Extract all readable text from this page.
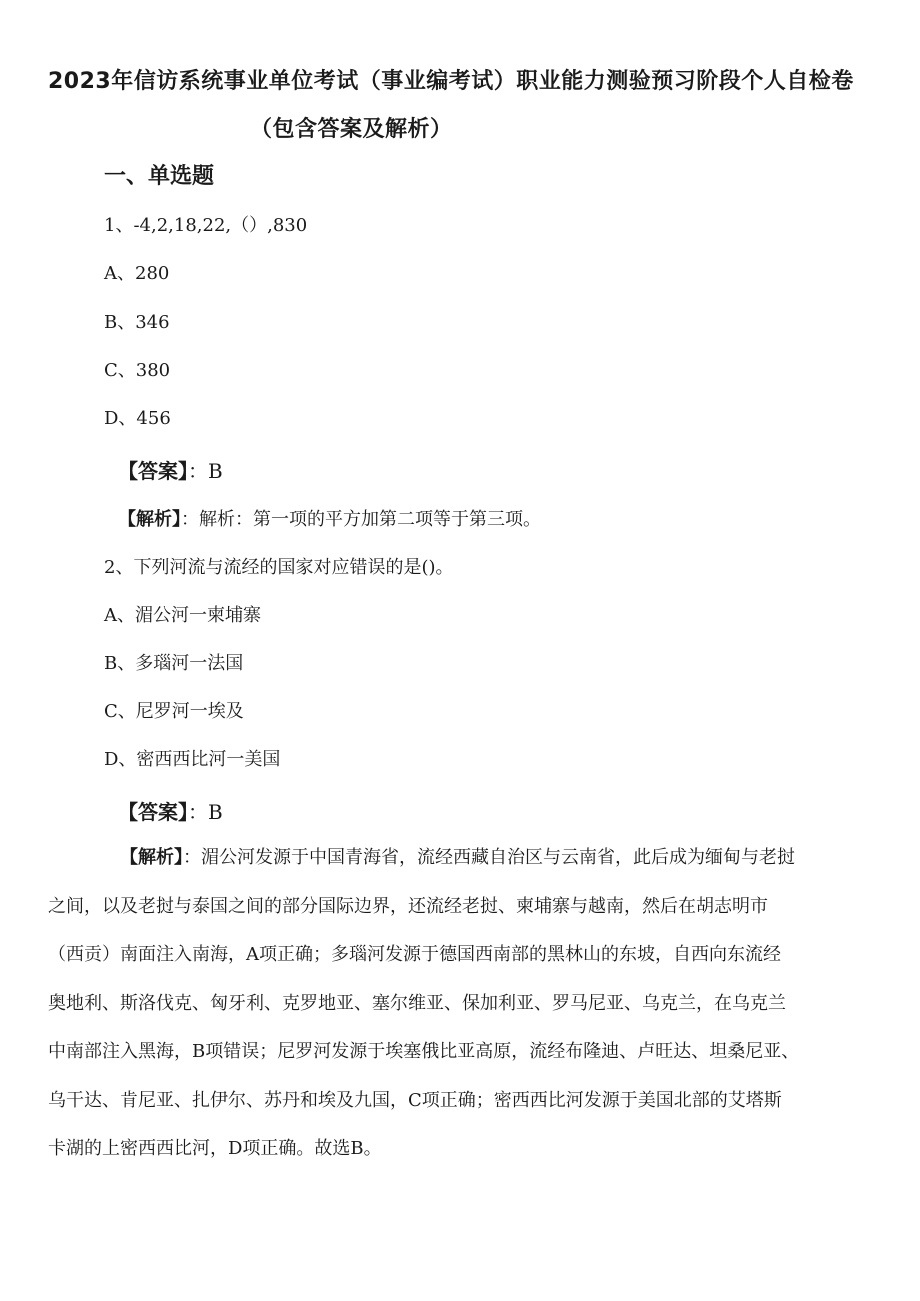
2023年信访系统事业单位考试（事业编考试）职业能力测验预习阶段个人自检卷
（包含答案及解析）
一、单选题
1、-4,2,18,22,（）,830
A、280
B、346
C、380
D、456
【答案】：B
【解析】：解析：第一项的平方加第二项等于第三项。
2、下列河流与流经的国家对应错误的是()。
A、湄公河一柬埔寨
B、多瑙河一法国
C、尼罗河一埃及
D、密西西比河一美国
【答案】：B
【解析】：湄公河发源于中国青海省，流经西藏自治区与云南省，此后成为缅甸与老挝
之间，以及老挝与泰国之间的部分国际边界，还流经老挝、柬埔寨与越南，然后在胡志明市
（西贡）南面注入南海，A项正确；多瑙河发源于德国西南部的黑林山的东坡，自西向东流经
奥地利、斯洛伐克、匈牙利、克罗地亚、塞尔维亚、保加利亚、罗马尼亚、乌克兰，在乌克兰
中南部注入黑海，B项错误；尼罗河发源于埃塞俄比亚高原，流经布隆迪、卢旺达、坦桑尼亚、
乌干达、肯尼亚、扎伊尔、苏丹和埃及九国，C项正确；密西西比河发源于美国北部的艾塔斯
卡湖的上密西西比河，D项正确。故选B。
